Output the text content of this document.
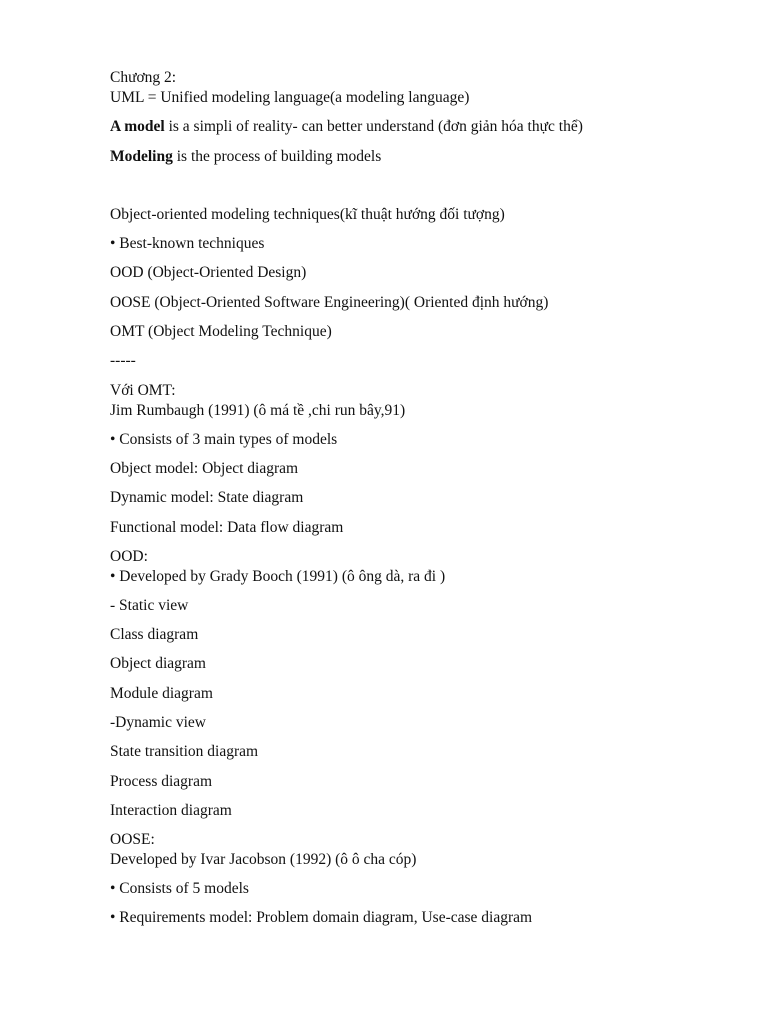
Chương 2:
UML = Unified modeling language(a modeling language)
A model is a simpli of reality- can better understand (đơn giản hóa thực thể)
Modeling is the process of building models
Object-oriented modeling techniques(kĩ thuật hướng đối tượng)
• Best-known techniques
OOD (Object-Oriented Design)
OOSE (Object-Oriented Software Engineering)( Oriented định hướng)
OMT (Object Modeling Technique)
-----
Với OMT:
Jim Rumbaugh (1991) (ô má tề ,chi run bây,91)
• Consists of 3 main types of models
Object model: Object diagram
Dynamic model: State diagram
Functional model: Data flow diagram
OOD:
• Developed by Grady Booch (1991) (ô ông dà, ra đi )
- Static view
Class diagram
Object diagram
Module diagram
-Dynamic view
State transition diagram
Process diagram
Interaction diagram
OOSE:
Developed by Ivar Jacobson (1992) (ô ô cha cóp)
• Consists of 5 models
• Requirements model: Problem domain diagram, Use-case diagram
